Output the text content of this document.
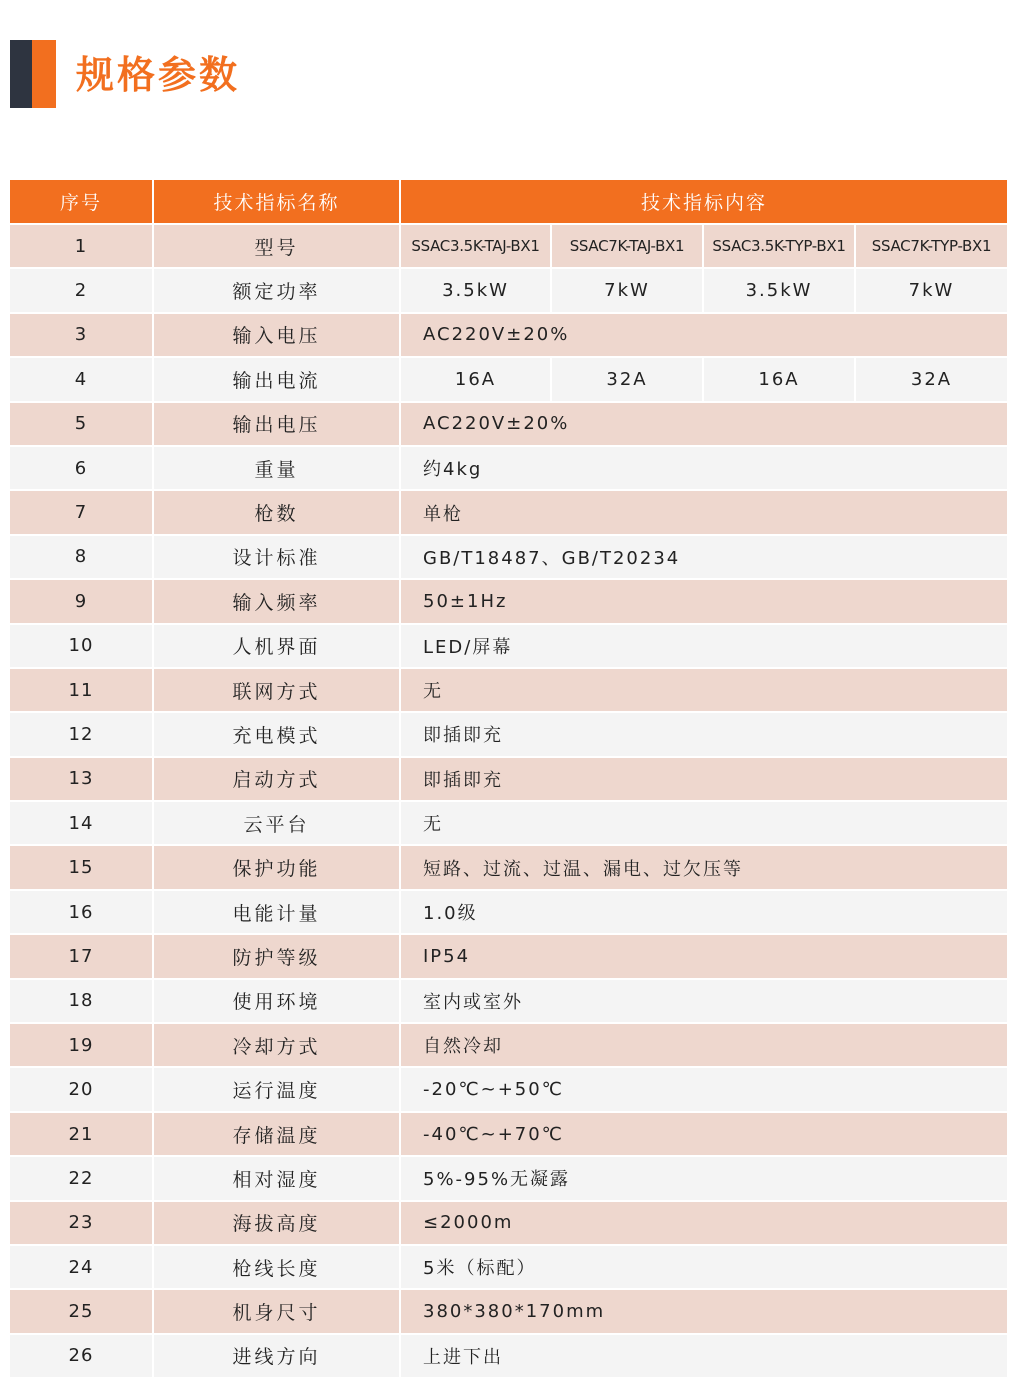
规格参数
序号	技术指标名称	技术指标内容			
1	型号	SSAC3.5K-TAJ-BX1	SSAC7K-TAJ-BX1	SSAC3.5K-TYP-BX1	SSAC7K-TYP-BX1
2	额定功率	3.5kW	7kW	3.5kW	7kW
3	输入电压	AC220V±20%			
4	输出电流	16A	32A	16A	32A
5	输出电压	AC220V±20%			
6	重量	约4kg			
7	枪数	单枪			
8	设计标准	GB/T18487、GB/T20234			
9	输入频率	50±1Hz			
10	人机界面	LED/屏幕			
11	联网方式	无			
12	充电模式	即插即充			
13	启动方式	即插即充			
14	云平台	无			
15	保护功能	短路、过流、过温、漏电、过欠压等			
16	电能计量	1.0级			
17	防护等级	IP54			
18	使用环境	室内或室外			
19	冷却方式	自然冷却			
20	运行温度	-20℃~+50℃			
21	存储温度	-40℃~+70℃			
22	相对湿度	5%-95%无凝露			
23	海拔高度	≤2000m			
24	枪线长度	5米（标配）			
25	机身尺寸	380*380*170mm			
26	进线方向	上进下出			
